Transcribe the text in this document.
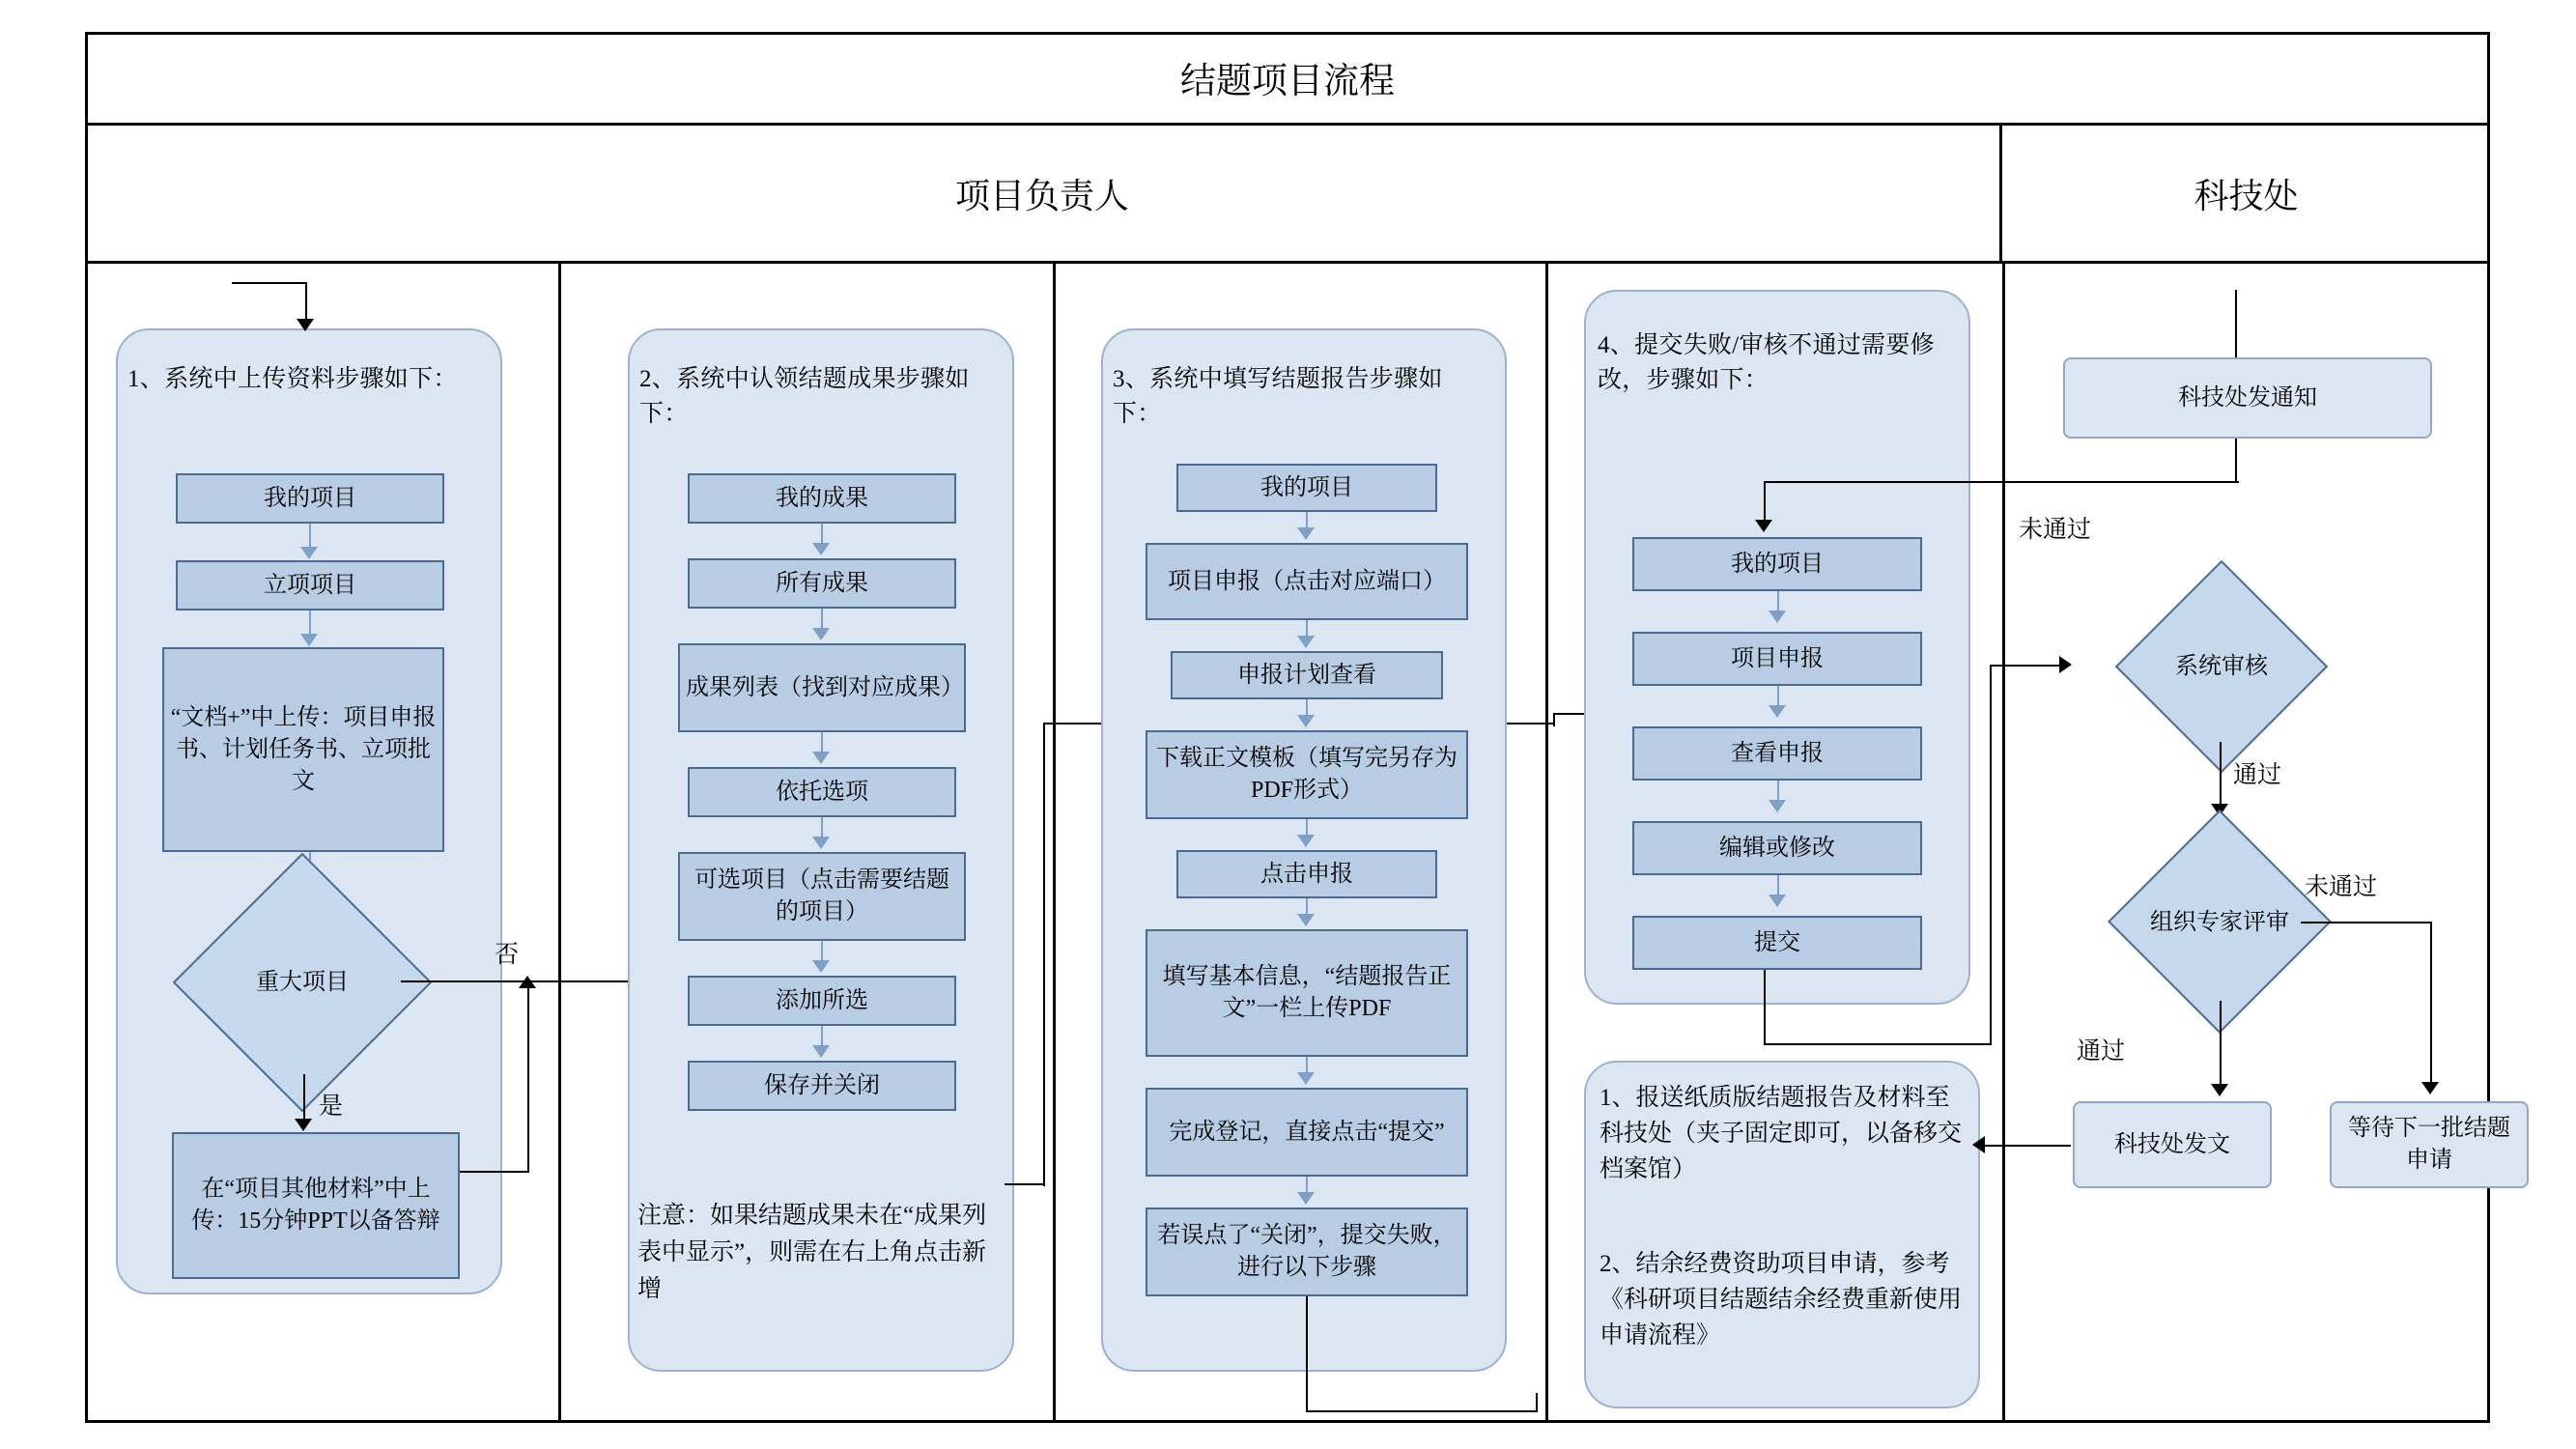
结题项目流程
项目负责人	科技处
1、系统中上传资料步骤如下：
我的项目
立项项目
“文档+”中上传：项目申报书、计划任务书、立项批文
重大项目
否
是
在“项目其他材料”中上传：15分钟PPT以备答辩
2、系统中认领结题成果步骤如下：
我的成果
所有成果
成果列表（找到对应成果）
依托选项
可选项目（点击需要结题的项目）
添加所选
保存并关闭
注意：如果结题成果未在“成果列表中显示”，则需在右上角点击新增
3、系统中填写结题报告步骤如下：
我的项目
项目申报（点击对应端口）
申报计划查看
下载正文模板（填写完另存为PDF形式）
点击申报
填写基本信息，“结题报告正文”一栏上传PDF
完成登记，直接点击“提交”
若误点了“关闭”，提交失败，进行以下步骤
4、提交失败/审核不通过需要修改，步骤如下：
我的项目
项目申报
查看申报
编辑或修改
提交
1、报送纸质版结题报告及材料至科技处（夹子固定即可，以备移交档案馆）
2、结余经费资助项目申请，参考《科研项目结题结余经费重新使用申请流程》
科技处发通知
系统审核
未通过
通过
组织专家评审
未通过
通过
科技处发文
等待下一批结题申请
